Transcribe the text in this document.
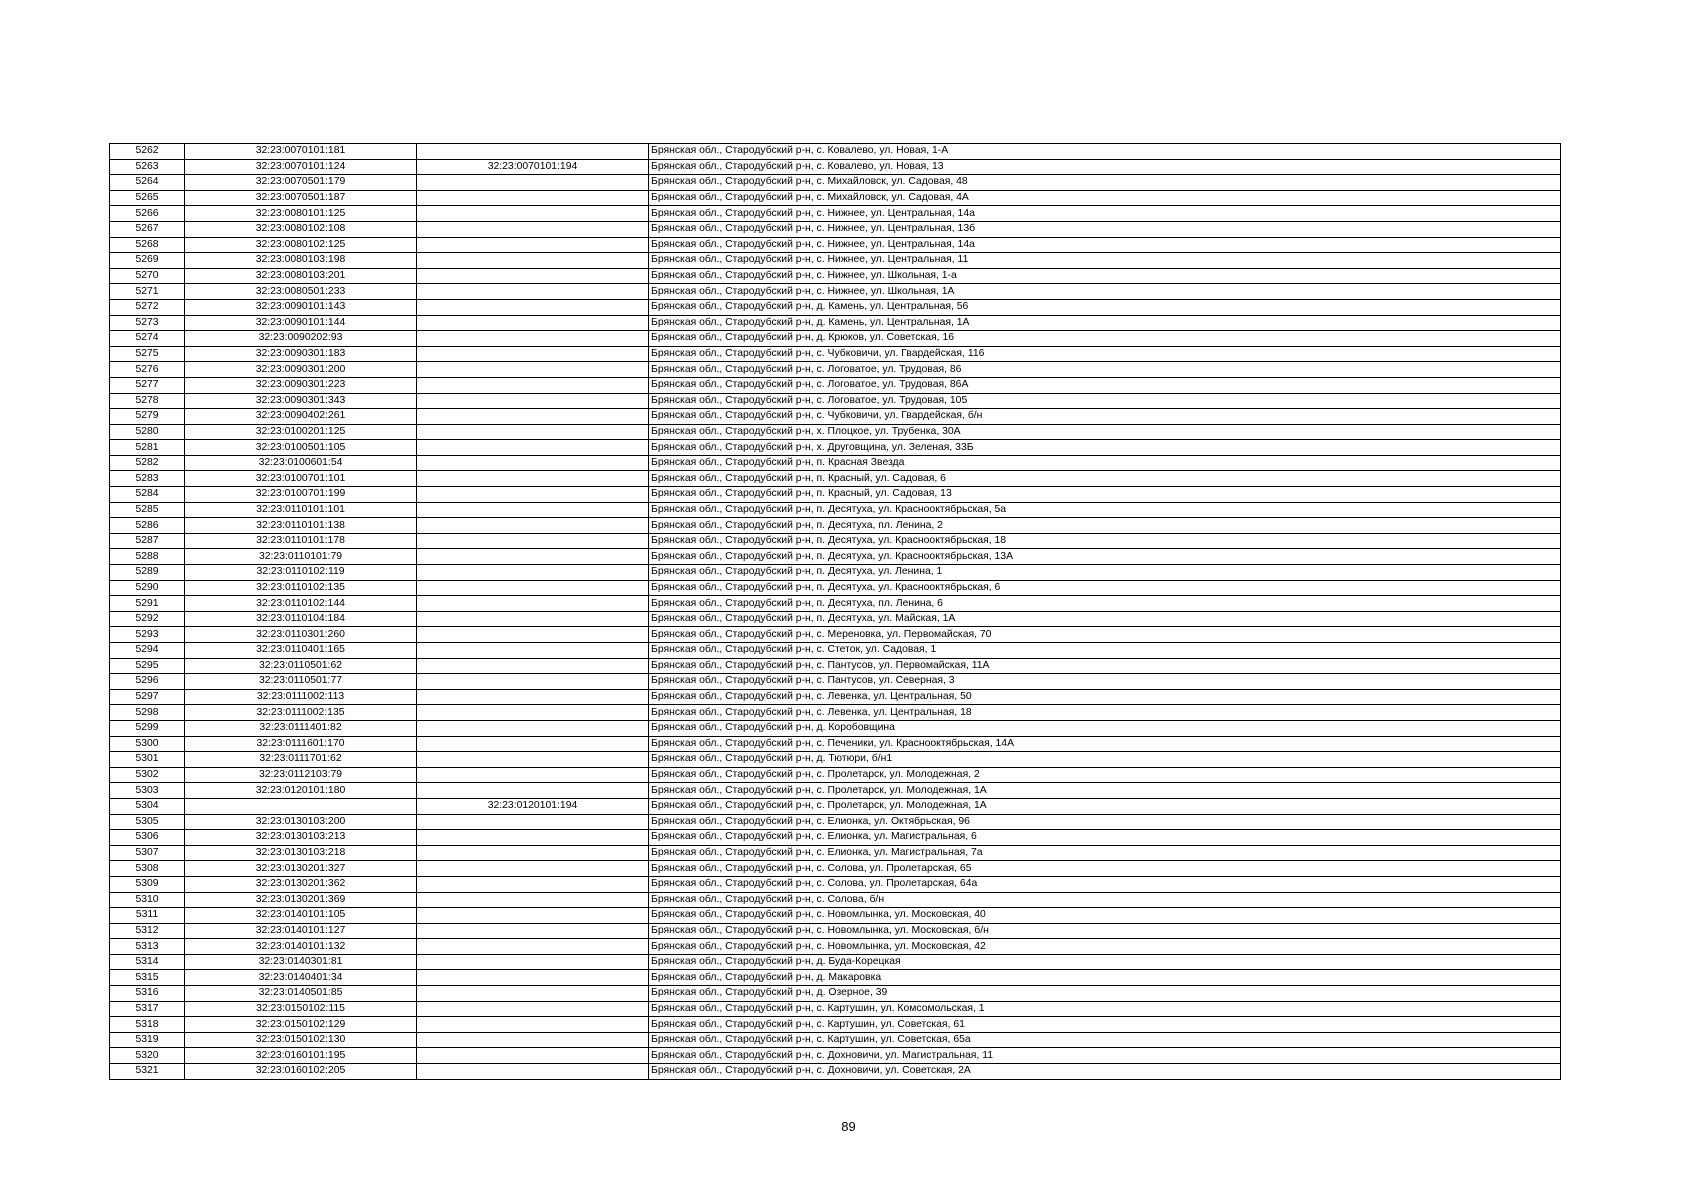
5262	32:23:0070101:181		Брянская обл., Стародубский р-н, с. Ковалево, ул. Новая, 1-А
5263	32:23:0070101:124	32:23:0070101:194	Брянская обл., Стародубский р-н, с. Ковалево, ул. Новая, 13
5264	32:23:0070501:179		Брянская обл., Стародубский р-н, с. Михайловск, ул. Садовая, 48
5265	32:23:0070501:187		Брянская обл., Стародубский р-н, с. Михайловск, ул. Садовая, 4А
5266	32:23:0080101:125		Брянская обл., Стародубский р-н, с. Нижнее, ул. Центральная, 14а
5267	32:23:0080102:108		Брянская обл., Стародубский р-н, с. Нижнее, ул. Центральная, 13б
5268	32:23:0080102:125		Брянская обл., Стародубский р-н, с. Нижнее, ул. Центральная, 14а
5269	32:23:0080103:198		Брянская обл., Стародубский р-н, с. Нижнее, ул. Центральная, 11
5270	32:23:0080103:201		Брянская обл., Стародубский р-н, с. Нижнее, ул. Школьная, 1-а
5271	32:23:0080501:233		Брянская обл., Стародубский р-н, с. Нижнее, ул. Школьная, 1А
5272	32:23:0090101:143		Брянская обл., Стародубский р-н, д. Камень, ул. Центральная, 56
5273	32:23:0090101:144		Брянская обл., Стародубский р-н, д. Камень, ул. Центральная, 1А
5274	32:23:0090202:93		Брянская обл., Стародубский р-н, д. Крюков, ул. Советская, 16
5275	32:23:0090301:183		Брянская обл., Стародубский р-н, с. Чубковичи, ул. Гвардейская, 116
5276	32:23:0090301:200		Брянская обл., Стародубский р-н, с. Логоватое, ул. Трудовая, 86
5277	32:23:0090301:223		Брянская обл., Стародубский р-н, с. Логоватое, ул. Трудовая, 86А
5278	32:23:0090301:343		Брянская обл., Стародубский р-н, с. Логоватое, ул. Трудовая, 105
5279	32:23:0090402:261		Брянская обл., Стародубский р-н, с. Чубковичи, ул. Гвардейская, б/н
5280	32:23:0100201:125		Брянская обл., Стародубский р-н, х. Плоцкое, ул. Трубенка, 30А
5281	32:23:0100501:105		Брянская обл., Стародубский р-н, х. Друговщина, ул. Зеленая, 33Б
5282	32:23:0100601:54		Брянская обл., Стародубский р-н, п. Красная Звезда
5283	32:23:0100701:101		Брянская обл., Стародубский р-н, п. Красный, ул. Садовая, 6
5284	32:23:0100701:199		Брянская обл., Стародубский р-н, п. Красный, ул. Садовая, 13
5285	32:23:0110101:101		Брянская обл., Стародубский р-н, п. Десятуха, ул. Краснооктябрьская, 5а
5286	32:23:0110101:138		Брянская обл., Стародубский р-н, п. Десятуха, пл. Ленина, 2
5287	32:23:0110101:178		Брянская обл., Стародубский р-н, п. Десятуха, ул. Краснооктябрьская, 18
5288	32:23:0110101:79		Брянская обл., Стародубский р-н, п. Десятуха, ул. Краснооктябрьская, 13А
5289	32:23:0110102:119		Брянская обл., Стародубский р-н, п. Десятуха, ул. Ленина, 1
5290	32:23:0110102:135		Брянская обл., Стародубский р-н, п. Десятуха, ул. Краснооктябрьская, 6
5291	32:23:0110102:144		Брянская обл., Стародубский р-н, п. Десятуха, пл. Ленина, 6
5292	32:23:0110104:184		Брянская обл., Стародубский р-н, п. Десятуха, ул. Майская, 1А
5293	32:23:0110301:260		Брянская обл., Стародубский р-н, с. Мереновка, ул. Первомайская, 70
5294	32:23:0110401:165		Брянская обл., Стародубский р-н, с. Стеток, ул. Садовая, 1
5295	32:23:0110501:62		Брянская обл., Стародубский р-н, с. Пантусов, ул. Первомайская, 11А
5296	32:23:0110501:77		Брянская обл., Стародубский р-н, с. Пантусов, ул. Северная, 3
5297	32:23:0111002:113		Брянская обл., Стародубский р-н, с. Левенка, ул. Центральная, 50
5298	32:23:0111002:135		Брянская обл., Стародубский р-н, с. Левенка, ул. Центральная, 18
5299	32:23:0111401:82		Брянская обл., Стародубский р-н, д. Коробовщина
5300	32:23:0111601:170		Брянская обл., Стародубский р-н, с. Печеники, ул. Краснооктябрьская, 14А
5301	32:23:0111701:62		Брянская обл., Стародубский р-н, д. Тютюри, б/н1
5302	32:23:0112103:79		Брянская обл., Стародубский р-н, с. Пролетарск, ул. Молодежная, 2
5303	32:23:0120101:180		Брянская обл., Стародубский р-н, с. Пролетарск, ул. Молодежная, 1А
5304		32:23:0120101:194	Брянская обл., Стародубский р-н, с. Пролетарск, ул. Молодежная, 1А
5305	32:23:0130103:200		Брянская обл., Стародубский р-н, с. Елионка, ул. Октябрьская, 96
5306	32:23:0130103:213		Брянская обл., Стародубский р-н, с. Елионка, ул. Магистральная, 6
5307	32:23:0130103:218		Брянская обл., Стародубский р-н, с. Елионка, ул. Магистральная, 7а
5308	32:23:0130201:327		Брянская обл., Стародубский р-н, с. Солова, ул. Пролетарская, 65
5309	32:23:0130201:362		Брянская обл., Стародубский р-н, с. Солова, ул. Пролетарская, 64а
5310	32:23:0130201:369		Брянская обл., Стародубский р-н, с. Солова, б/н
5311	32:23:0140101:105		Брянская обл., Стародубский р-н, с. Новомлынка, ул. Московская, 40
5312	32:23:0140101:127		Брянская обл., Стародубский р-н, с. Новомлынка, ул. Московская, б/н
5313	32:23:0140101:132		Брянская обл., Стародубский р-н, с. Новомлынка, ул. Московская, 42
5314	32:23:0140301:81		Брянская обл., Стародубский р-н, д. Буда-Корецкая
5315	32:23:0140401:34		Брянская обл., Стародубский р-н, д. Макаровка
5316	32:23:0140501:85		Брянская обл., Стародубский р-н, д. Озерное, 39
5317	32:23:0150102:115		Брянская обл., Стародубский р-н, с. Картушин, ул. Комсомольская, 1
5318	32:23:0150102:129		Брянская обл., Стародубский р-н, с. Картушин, ул. Советская, 61
5319	32:23:0150102:130		Брянская обл., Стародубский р-н, с. Картушин, ул. Советская, 65а
5320	32:23:0160101:195		Брянская обл., Стародубский р-н, с. Дохновичи, ул. Магистральная, 11
5321	32:23:0160102:205		Брянская обл., Стародубский р-н, с. Дохновичи, ул. Советская, 2А
89
